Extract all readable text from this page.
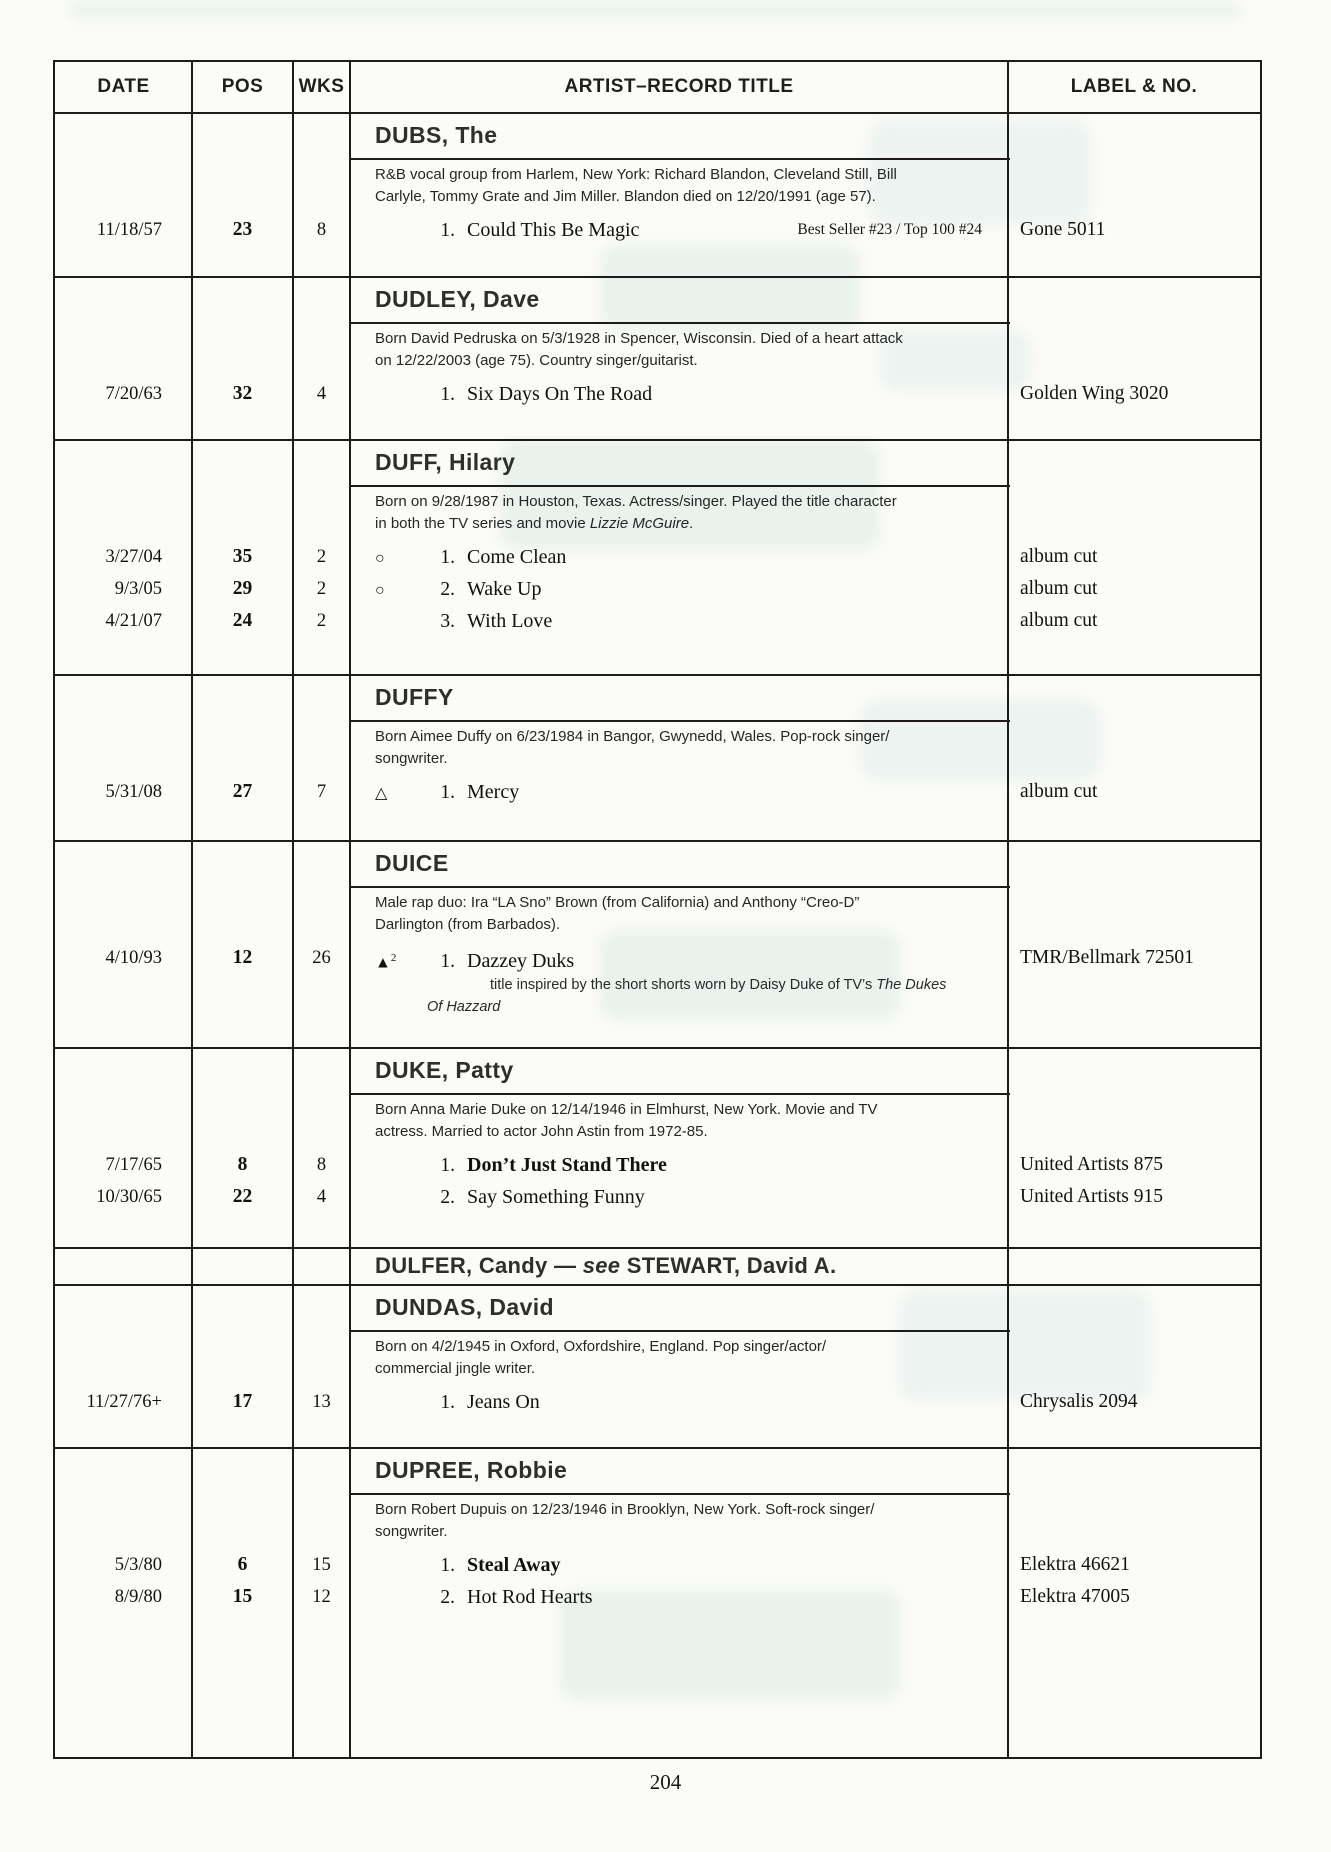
DATE	POS	WKS	ARTIST–RECORD TITLE	LABEL & NO.
DUBS, The
R&B vocal group from Harlem, New York: Richard Blandon, Cleveland Still, Bill
Carlyle, Tommy Grate and Jim Miller. Blandon died on 12/20/1991 (age 57).
11/18/57	23	8	1. Could This Be Magic	Best Seller #23 / Top 100 #24	Gone 5011
DUDLEY, Dave
Born David Pedruska on 5/3/1928 in Spencer, Wisconsin. Died of a heart attack
on 12/22/2003 (age 75). Country singer/guitarist.
7/20/63	32	4	1. Six Days On The Road	Golden Wing 3020
DUFF, Hilary
Born on 9/28/1987 in Houston, Texas. Actress/singer. Played the title character
in both the TV series and movie Lizzie McGuire.
3/27/04	35	2	○	1. Come Clean	album cut
9/3/05	29	2	○	2. Wake Up	album cut
4/21/07	24	2	3. With Love	album cut
DUFFY
Born Aimee Duffy on 6/23/1984 in Bangor, Gwynedd, Wales. Pop-rock singer/
songwriter.
5/31/08	27	7	△	1. Mercy	album cut
DUICE
Male rap duo: Ira “LA Sno” Brown (from California) and Anthony “Creo-D”
Darlington (from Barbados).
4/10/93	12	26	▲$^2$ 1. Dazzey Duks	TMR/Bellmark 72501
title inspired by the short shorts worn by Daisy Duke of TV’s The Dukes
Of Hazzard
DUKE, Patty
Born Anna Marie Duke on 12/14/1946 in Elmhurst, New York. Movie and TV
actress. Married to actor John Astin from 1972-85.
7/17/65	8	8	1. Don’t Just Stand There	United Artists 875
10/30/65	22	4	2. Say Something Funny	United Artists 915
DULFER, Candy — see STEWART, David A.
DUNDAS, David
Born on 4/2/1945 in Oxford, Oxfordshire, England. Pop singer/actor/
commercial jingle writer.
11/27/76+	17	13	1. Jeans On	Chrysalis 2094
DUPREE, Robbie
Born Robert Dupuis on 12/23/1946 in Brooklyn, New York. Soft-rock singer/
songwriter.
5/3/80	6	15	1. Steal Away	Elektra 46621
8/9/80	15	12	2. Hot Rod Hearts	Elektra 47005
204
